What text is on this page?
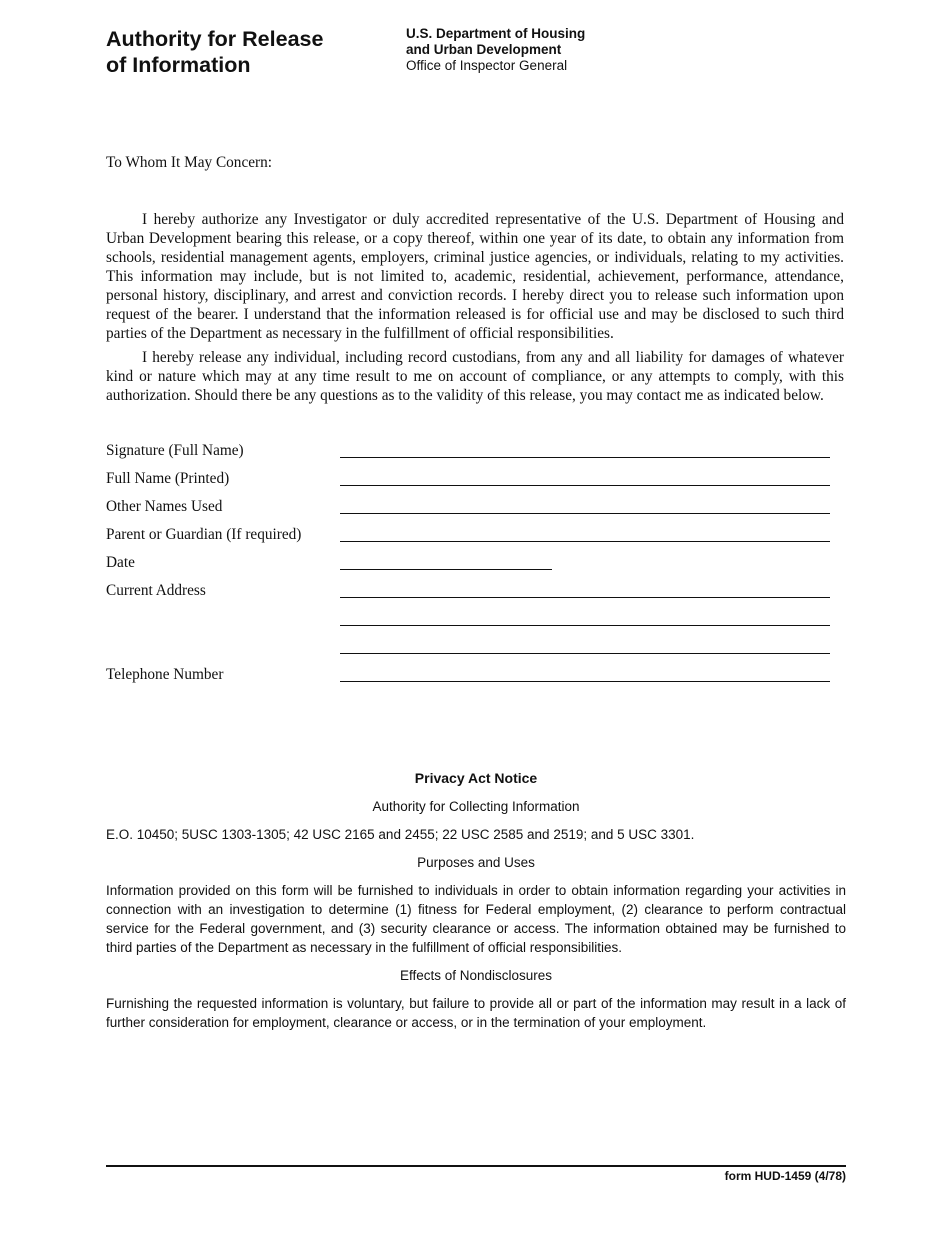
Authority for Release
of Information
U.S. Department of Housing
and Urban Development
Office of Inspector General

To Whom It May Concern:

I hereby authorize any Investigator or duly accredited representative of the U.S. Department of Housing and Urban Development bearing this release, or a copy thereof, within one year of its date, to obtain any information from schools, residential management agents, employers, criminal justice agencies, or individuals, relating to my activities. This information may include, but is not limited to, academic, residential, achievement, performance, attendance, personal history, disciplinary, and arrest and conviction records. I hereby direct you to release such information upon request of the bearer. I understand that the information released is for official use and may be disclosed to such third parties of the Department as necessary in the fulfillment of official responsibilities.

I hereby release any individual, including record custodians, from any and all liability for damages of whatever kind or nature which may at any time result to me on account of compliance, or any attempts to comply, with this authorization. Should there be any questions as to the validity of this release, you may contact me as indicated below.

Signature (Full Name)
Full Name (Printed)
Other Names Used
Parent or Guardian (If required)
Date
Current Address
Telephone Number
Privacy Act Notice
Authority for Collecting Information
E.O. 10450; 5USC 1303-1305; 42 USC 2165 and 2455; 22 USC 2585 and 2519; and 5 USC 3301.
Purposes and Uses
Information provided on this form will be furnished to individuals in order to obtain information regarding your activities in connection with an investigation to determine (1) fitness for Federal employment, (2) clearance to perform contractual service for the Federal government, and (3) security clearance or access. The information obtained may be furnished to third parties of the Department as necessary in the fulfillment of official responsibilities.
Effects of Nondisclosures
Furnishing the requested information is voluntary, but failure to provide all or part of the information may result in a lack of further consideration for employment, clearance or access, or in the termination of your employment.
form HUD-1459 (4/78)
